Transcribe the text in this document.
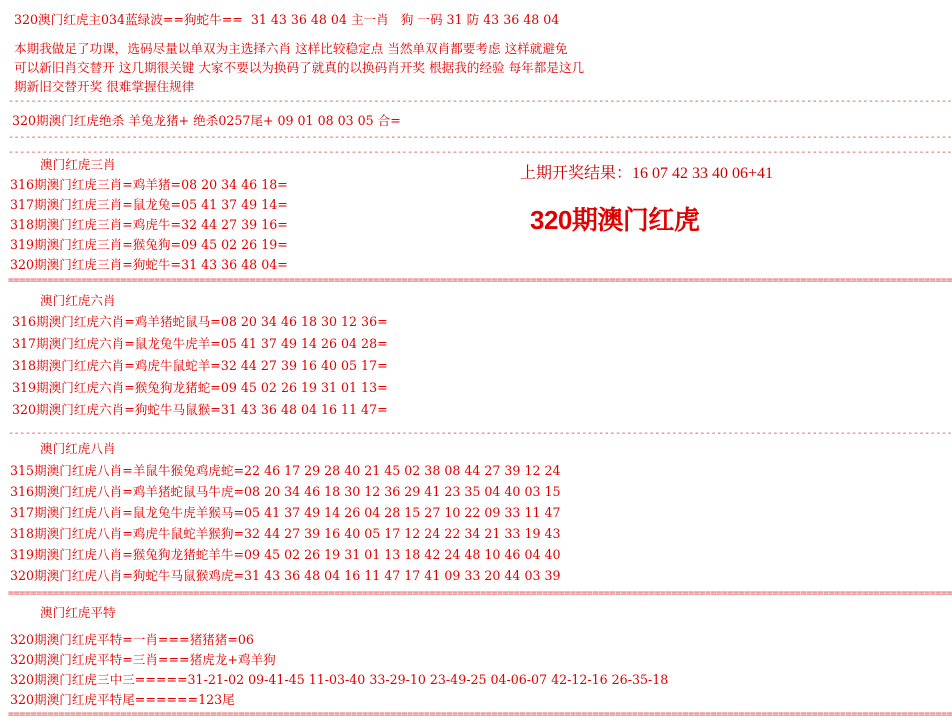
320澳门红虎主034蓝绿波==狗蛇牛==  31 43 36 48 04 主一肖   狗 一码 31 防 43 36 48 04
本期我做足了功课，选码尽量以单双为主选择六肖 这样比较稳定点 当然单双肖都要考虑 这样就避免
可以新旧肖交替开 这几期很关键 大家不要以为换码了就真的以换码肖开奖 根据我的经验 每年都是这几
期新旧交替开奖 很难掌握住规律
------------------------------------------------------------------------------------------------------------------------------------------------------------------------
320期澳门红虎绝杀 羊兔龙猪+ 绝杀0257尾+ 09 01 08 03 05 合=
------------------------------------------------------------------------------------------------------------------------------------------------------------------------
------------------------------------------------------------------------------------------------------------------------------------------------------------------------
上期开奖结果：16 07 42 33 40 06+41
320期澳门红虎
澳门红虎三肖
316期澳门红虎三肖=鸡羊猪=08 20 34 46 18=
317期澳门红虎三肖=鼠龙兔=05 41 37 49 14=
318期澳门红虎三肖=鸡虎牛=32 44 27 39 16=
319期澳门红虎三肖=猴兔狗=09 45 02 26 19=
320期澳门红虎三肖=狗蛇牛=31 43 36 48 04=
========================================================================================================================================================================
澳门红虎六肖
316期澳门红虎六肖=鸡羊猪蛇鼠马=08 20 34 46 18 30 12 36=
317期澳门红虎六肖=鼠龙兔牛虎羊=05 41 37 49 14 26 04 28=
318期澳门红虎六肖=鸡虎牛鼠蛇羊=32 44 27 39 16 40 05 17=
319期澳门红虎六肖=猴兔狗龙猪蛇=09 45 02 26 19 31 01 13=
320期澳门红虎六肖=狗蛇牛马鼠猴=31 43 36 48 04 16 11 47=
------------------------------------------------------------------------------------------------------------------------------------------------------------------------
澳门红虎八肖
315期澳门红虎八肖=羊鼠牛猴兔鸡虎蛇=22 46 17 29 28 40 21 45 02 38 08 44 27 39 12 24
316期澳门红虎八肖=鸡羊猪蛇鼠马牛虎=08 20 34 46 18 30 12 36 29 41 23 35 04 40 03 15
317期澳门红虎八肖=鼠龙兔牛虎羊猴马=05 41 37 49 14 26 04 28 15 27 10 22 09 33 11 47
318期澳门红虎八肖=鸡虎牛鼠蛇羊猴狗=32 44 27 39 16 40 05 17 12 24 22 34 21 33 19 43
319期澳门红虎八肖=猴兔狗龙猪蛇羊牛=09 45 02 26 19 31 01 13 18 42 24 48 10 46 04 40
320期澳门红虎八肖=狗蛇牛马鼠猴鸡虎=31 43 36 48 04 16 11 47 17 41 09 33 20 44 03 39
========================================================================================================================================================================
澳门红虎平特
320期澳门红虎平特=一肖===猪猪猪=06
320期澳门红虎平特=三肖===猪虎龙+鸡羊狗
320期澳门红虎三中三=====31-21-02 09-41-45 11-03-40 33-29-10 23-49-25 04-06-07 42-12-16 26-35-18
320期澳门红虎平特尾======123尾
========================================================================================================================================================================
